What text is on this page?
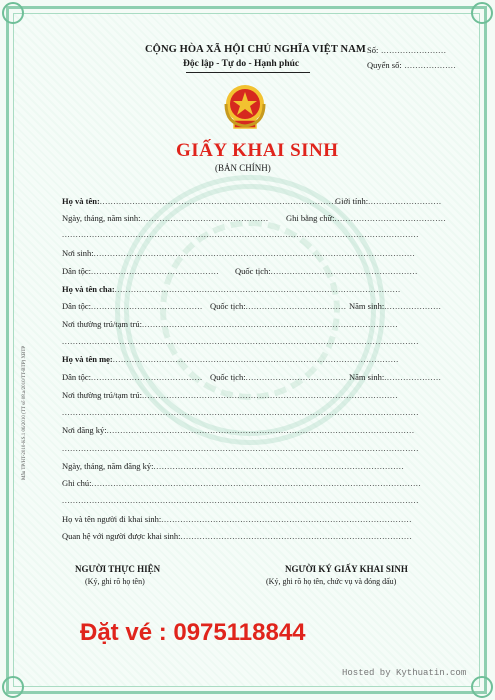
Mẫu TP/HT-2010-KS.1 06/2010 (TT số 08.a/2010/TT-BTP) XBTP
CỘNG HÒA XÃ HỘI CHỦ NGHĨA VIỆT NAM
Độc lập - Tự do - Hạnh phúc
Số: ........................
Quyển số: ...................
GIẤY KHAI SINH
(BẢN CHÍNH)
Họ và tên:........................................................................................
Giới tính:...........................
Ngày, tháng, năm sinh:............................................... Ghi bằng chữ:.........................................
...................................................................................................................................
Nơi sinh:......................................................................................................................
Dân tộc:............................................... Quốc tịch:......................................................
Họ và tên cha:.........................................................................................................
Dân tộc:......................................... Quốc tịch:..................................... Năm sinh:.....................
Nơi thường trú/tạm trú:..............................................................................................
...................................................................................................................................
Họ và tên mẹ:.........................................................................................................
Dân tộc:......................................... Quốc tịch:..................................... Năm sinh:.....................
Nơi thường trú/tạm trú:..............................................................................................
...................................................................................................................................
Nơi đăng ký:.................................................................................................................
...................................................................................................................................
Ngày, tháng, năm đăng ký:............................................................................................
Ghi chú:.........................................................................................................................
...................................................................................................................................
Họ và tên người đi khai sinh:............................................................................................
Quan hệ với người được khai sinh:.....................................................................................
NGƯỜI THỰC HIỆN
(Ký, ghi rõ họ tên)
NGƯỜI KÝ GIẤY KHAI SINH
(Ký, ghi rõ họ tên, chức vụ và đóng dấu)
Đặt vé : 0975118844
Hosted by Kythuatin.com
